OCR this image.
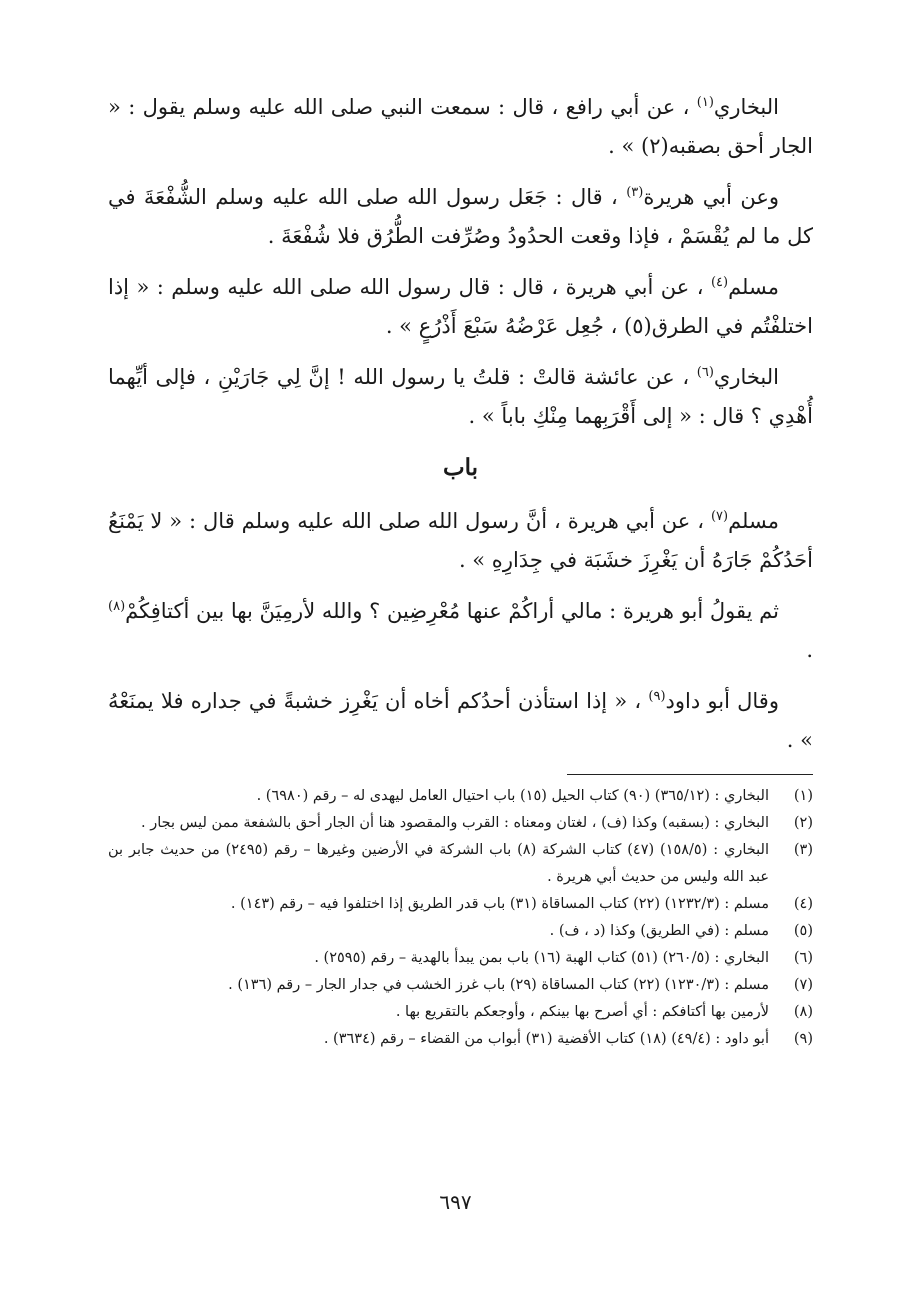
البخاري$^{(١)}$ ، عن أبي رافع ، قال : سمعت النبي صلى الله عليه وسلم يقول : « الجار أحق بصقبه(٢) » .

وعن أبي هريرة$^{(٣)}$ ، قال : جَعَل رسول الله صلى الله عليه وسلم الشُّفْعَةَ في كل ما لم يُقْسَمْ ، فإذا وقعت الحدُودُ وصُرِّفت الطُّرُق فلا شُفْعَةَ .

مسلم$^{(٤)}$ ، عن أبي هريرة ، قال : قال رسول الله صلى الله عليه وسلم : « إذا اختلفْتُم في الطرق(٥) ، جُعِل عَرْضُهُ سَبْعَ أَذْرُعٍ » .

البخاري$^{(٦)}$ ، عن عائشة قالتْ : قلتُ يا رسول الله ! إنَّ لِي جَارَيْنِ ، فإلى أيِّهما أُهْدِي ؟ قال : « إلى أَقْرَبِهما مِنْكِ باباً » .

باب

مسلم$^{(٧)}$ ، عن أبي هريرة ، أنَّ رسول الله صلى الله عليه وسلم قال : « لا يَمْنَعُ أحَدُكُمْ جَارَهُ أن يَغْرِزَ خشَبَة في جِدَارِهِ » .

ثم يقولُ أبو هريرة : مالي أراكُمْ عنها مُعْرِضِين ؟ والله لأرمِيَنَّ بها بين أكتافِكُمْ$^{(٨)}$ .

وقال أبو داود$^{(٩)}$ ، « إذا استأذن أحدُكم أخاه أن يَغْرِز خشبةً في جداره فلا يمنَعْهُ » .

(١)
البخاري : (٣٦٥/١٢) (٩٠) كتاب الحيل (١٥) باب احتيال العامل ليهدى له – رقم (٦٩٨٠) .
(٢)
البخاري : (بسقبه) وكذا (ف) ، لغتان ومعناه : القرب والمقصود هنا أن الجار أحق بالشفعة ممن ليس بجار .
(٣)
البخاري : (١٥٨/٥) (٤٧) كتاب الشركة (٨) باب الشركة في الأرضين وغيرها – رقم (٢٤٩٥) من حديث جابر بن عبد الله وليس من حديث أبي هريرة .
(٤)
مسلم : (١٢٣٢/٣) (٢٢) كتاب المساقاة (٣١) باب قدر الطريق إذا اختلفوا فيه – رقم (١٤٣) .
(٥)
مسلم : (في الطريق) وكذا (د ، ف) .
(٦)
البخاري : (٢٦٠/٥) (٥١) كتاب الهبة (١٦) باب بمن يبدأ بالهدية – رقم (٢٥٩٥) .
(٧)
مسلم : (١٢٣٠/٣) (٢٢) كتاب المساقاة (٢٩) باب غرز الخشب في جدار الجار – رقم (١٣٦) .
(٨)
لأرمين بها أكتافكم : أي أصرح بها بينكم ، وأوجعكم بالتقريع بها .
(٩)
أبو داود : (٤٩/٤) (١٨) كتاب الأقضية (٣١) أبواب من القضاء – رقم (٣٦٣٤) .
٦٩٧
